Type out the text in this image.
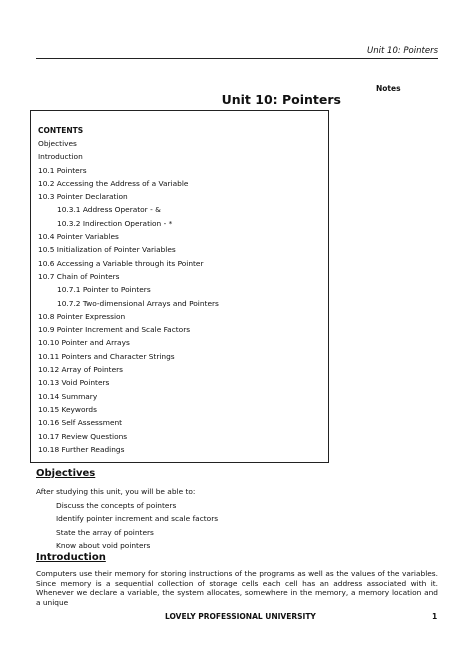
Unit 10: Pointers
Notes
Unit 10: Pointers
CONTENTS
Objectives
Introduction
10.1 Pointers
10.2 Accessing the Address of a Variable
10.3 Pointer Declaration
10.3.1 Address Operator - &
10.3.2 Indirection Operation - *
10.4 Pointer Variables
10.5 Initialization of Pointer Variables
10.6 Accessing a Variable through its Pointer
10.7 Chain of Pointers
10.7.1 Pointer to Pointers
10.7.2 Two-dimensional Arrays and Pointers
10.8 Pointer Expression
10.9 Pointer Increment and Scale Factors
10.10 Pointer and Arrays
10.11 Pointers and Character Strings
10.12 Array of Pointers
10.13 Void Pointers
10.14 Summary
10.15 Keywords
10.16 Self Assessment
10.17 Review Questions
10.18 Further Readings
Objectives
After studying this unit, you will be able to:
Discuss the concepts of pointers
Identify pointer increment and scale factors
State the array of pointers
Know about void pointers
Introduction

Computers use their memory for storing instructions of the programs as well as the values of the variables. Since memory is a sequential collection of storage cells each cell has an address associated with it. Whenever we declare a variable, the system allocates, somewhere in the memory, a memory location and a unique

LOVELY PROFESSIONAL UNIVERSITY	1
